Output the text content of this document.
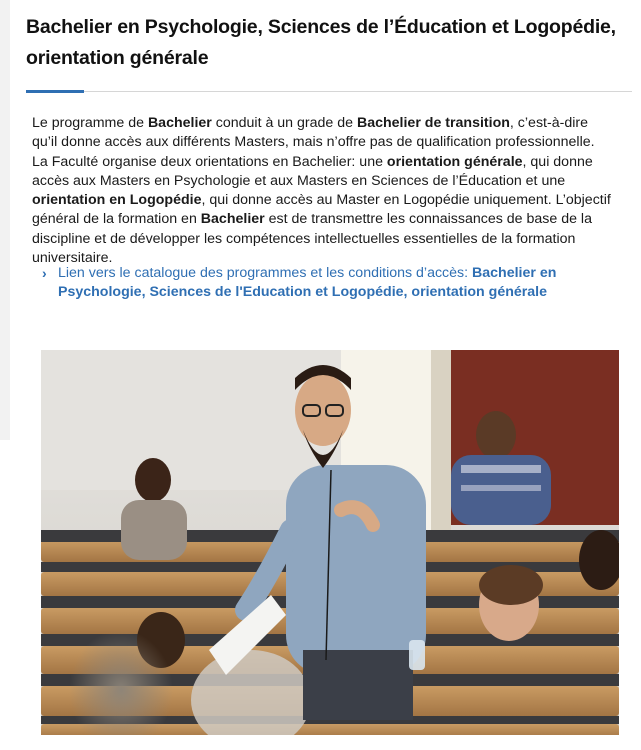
Bachelier en Psychologie, Sciences de l’Éducation et Logopédie, orientation générale

Le programme de Bachelier conduit à un grade de Bachelier de transition, c’est-à-dire qu’il donne accès aux différents Masters, mais n’offre pas de qualification professionnelle. La Faculté organise deux orientations en Bachelier: une orientation générale, qui donne accès aux Masters en Psychologie et aux Masters en Sciences de l’Éducation et une orientation en Logopédie, qui donne accès au Master en Logopédie uniquement. L’objectif général de la formation en Bachelier est de transmettre les connaissances de base de la discipline et de développer les compétences intellectuelles essentielles de la formation universitaire.

› Lien vers le catalogue des programmes et les conditions d’accès: Bachelier en Psychologie, Sciences de l'Education et Logopédie, orientation générale
